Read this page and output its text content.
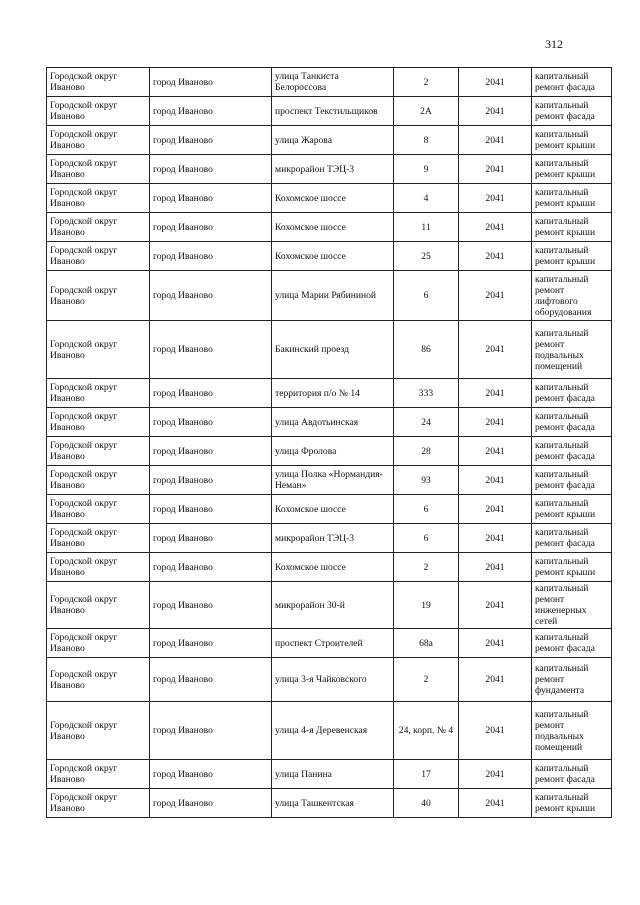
312
Городской округ Иваново	город Иваново	улица Танкиста Белороссова	2	2041	капитальный ремонт фасада
Городской округ Иваново	город Иваново	проспект Текстильщиков	2А	2041	капитальный ремонт фасада
Городской округ Иваново	город Иваново	улица Жарова	8	2041	капитальный ремонт крыши
Городской округ Иваново	город Иваново	микрорайон ТЭЦ-3	9	2041	капитальный ремонт крыши
Городской округ Иваново	город Иваново	Кохомское шоссе	4	2041	капитальный ремонт крыши
Городской округ Иваново	город Иваново	Кохомское шоссе	11	2041	капитальный ремонт крыши
Городской округ Иваново	город Иваново	Кохомское шоссе	25	2041	капитальный ремонт крыши
Городской округ Иваново	город Иваново	улица Марии Рябининой	6	2041	капитальный ремонт лифтового оборудования
Городской округ Иваново	город Иваново	Бакинский проезд	86	2041	капитальный ремонт подвальных помещений
Городской округ Иваново	город Иваново	территория п/о № 14	333	2041	капитальный ремонт фасада
Городской округ Иваново	город Иваново	улица Авдотьинская	24	2041	капитальный ремонт фасада
Городской округ Иваново	город Иваново	улица Фролова	28	2041	капитальный ремонт фасада
Городской округ Иваново	город Иваново	улица Полка «Нормандия-Неман»	93	2041	капитальный ремонт фасада
Городской округ Иваново	город Иваново	Кохомское шоссе	6	2041	капитальный ремонт крыши
Городской округ Иваново	город Иваново	микрорайон ТЭЦ-3	6	2041	капитальный ремонт фасада
Городской округ Иваново	город Иваново	Кохомское шоссе	2	2041	капитальный ремонт крыши
Городской округ Иваново	город Иваново	микрорайон 30-й	19	2041	капитальный ремонт инженерных сетей
Городской округ Иваново	город Иваново	проспект Строителей	68а	2041	капитальный ремонт фасада
Городской округ Иваново	город Иваново	улица 3-я Чайковского	2	2041	капитальный ремонт фундамента
Городской округ Иваново	город Иваново	улица 4-я Деревенская	24, корп. № 4	2041	капитальный ремонт подвальных помещений
Городской округ Иваново	город Иваново	улица Панина	17	2041	капитальный ремонт фасада
Городской округ Иваново	город Иваново	улица Ташкентская	40	2041	капитальный ремонт крыши
